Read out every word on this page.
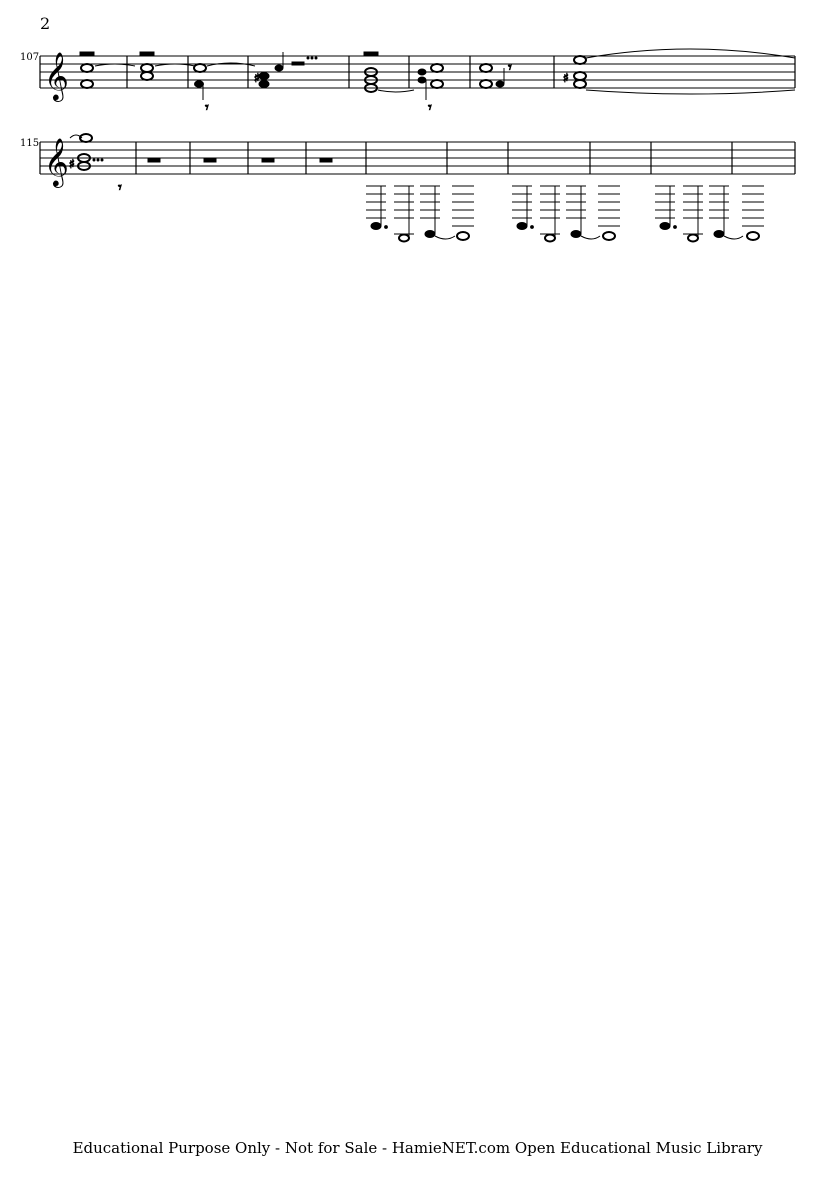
2
107
115
𝄞
𝄾
♯
𝄾
𝄾
♯
𝄞 ♯
𝄾
Educational Purpose Only - Not for Sale - HamieNET.com Open Educational Music Library
